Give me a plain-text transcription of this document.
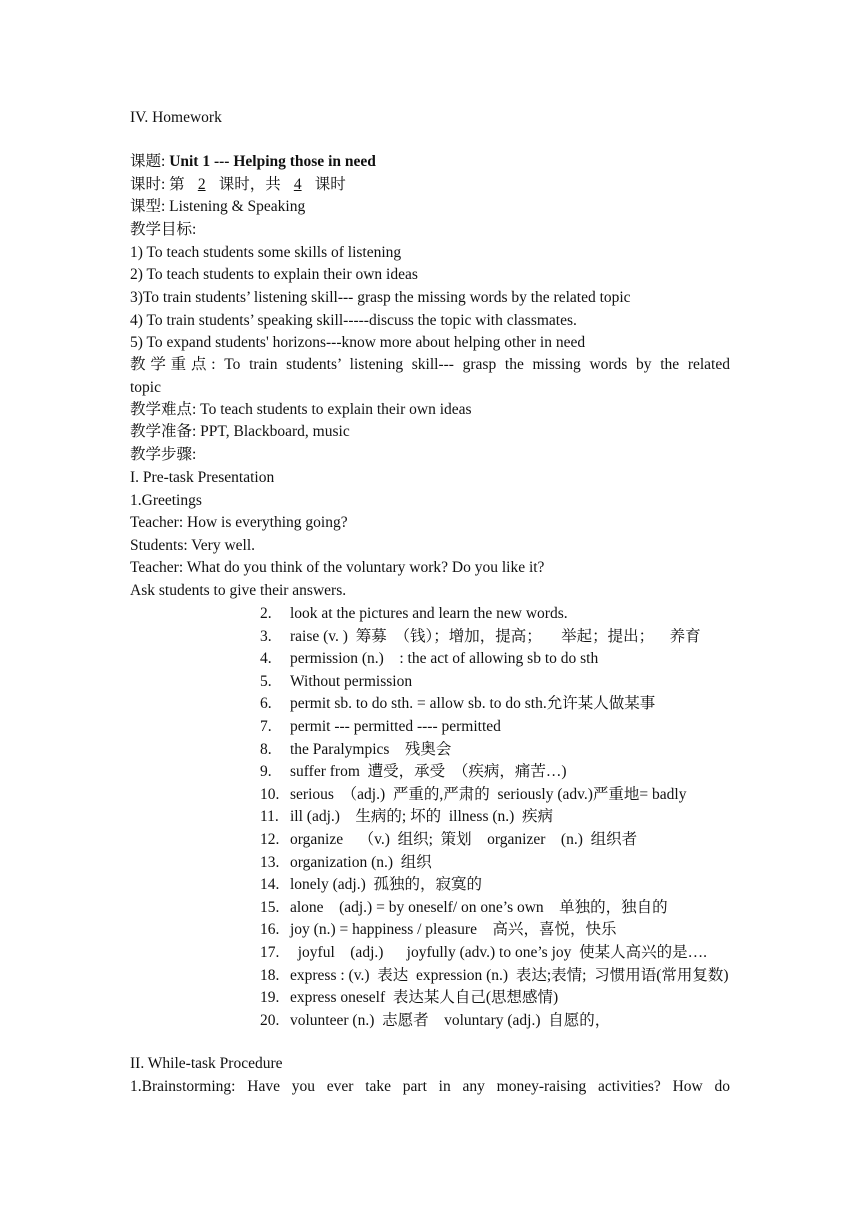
IV. Homework
课题: Unit 1 --- Helping those in need
课时: 第 2 课时，共 4 课时
课型: Listening & Speaking
教学目标:
1) To teach students some skills of listening
2) To teach students to explain their own ideas
3)To train students’ listening skill--- grasp the missing words by the related topic
4) To train students’ speaking skill-----discuss the topic with classmates.
5) To expand students' horizons---know more about helping other in need
教学重点: To train students’ listening skill--- grasp the missing words by the related
topic
教学难点: To teach students to explain their own ideas
教学准备: PPT, Blackboard, music
教学步骤:
I. Pre-task Presentation
1.Greetings
Teacher: How is everything going?
Students: Very well.
Teacher: What do you think of the voluntary work? Do you like it?
Ask students to give their answers.
2.	look at the pictures and learn the new words.
3.	raise (v. )  筹募  （钱）；增加，提高；     举起；提出；    养育
4.	permission (n.)    : the act of allowing sb to do sth
5.	Without permission
6.	permit sb. to do sth. = allow sb. to do sth.允许某人做某事
7.	permit --- permitted ---- permitted
8.	the Paralympics    残奥会
9.	suffer from  遭受，承受  （疾病，痛苦…)
10. serious  （adj.)  严重的,严肃的  seriously (adv.)严重地= badly
11. ill (adj.)    生病的; 坏的  illness (n.)  疾病
12. organize    （v.)  组织;  策划    organizer    (n.)  组织者
13. organization (n.)  组织
14. lonely (adj.)  孤独的，寂寞的
15. alone    (adj.) = by oneself/ on one’s own    单独的，独自的
16. joy (n.) = happiness / pleasure    高兴，喜悦，快乐
17. joyful    (adj.)      joyfully (adv.) to one’s joy  使某人高兴的是….
18. express : (v.)  表达  expression (n.)  表达;表情;  习惯用语(常用复数)
19. express oneself  表达某人自己(思想感情)
20. volunteer (n.)  志愿者    voluntary (adj.)  自愿的，
II. While-task Procedure
1.Brainstorming: Have you ever take part in any money-raising activities? How do
